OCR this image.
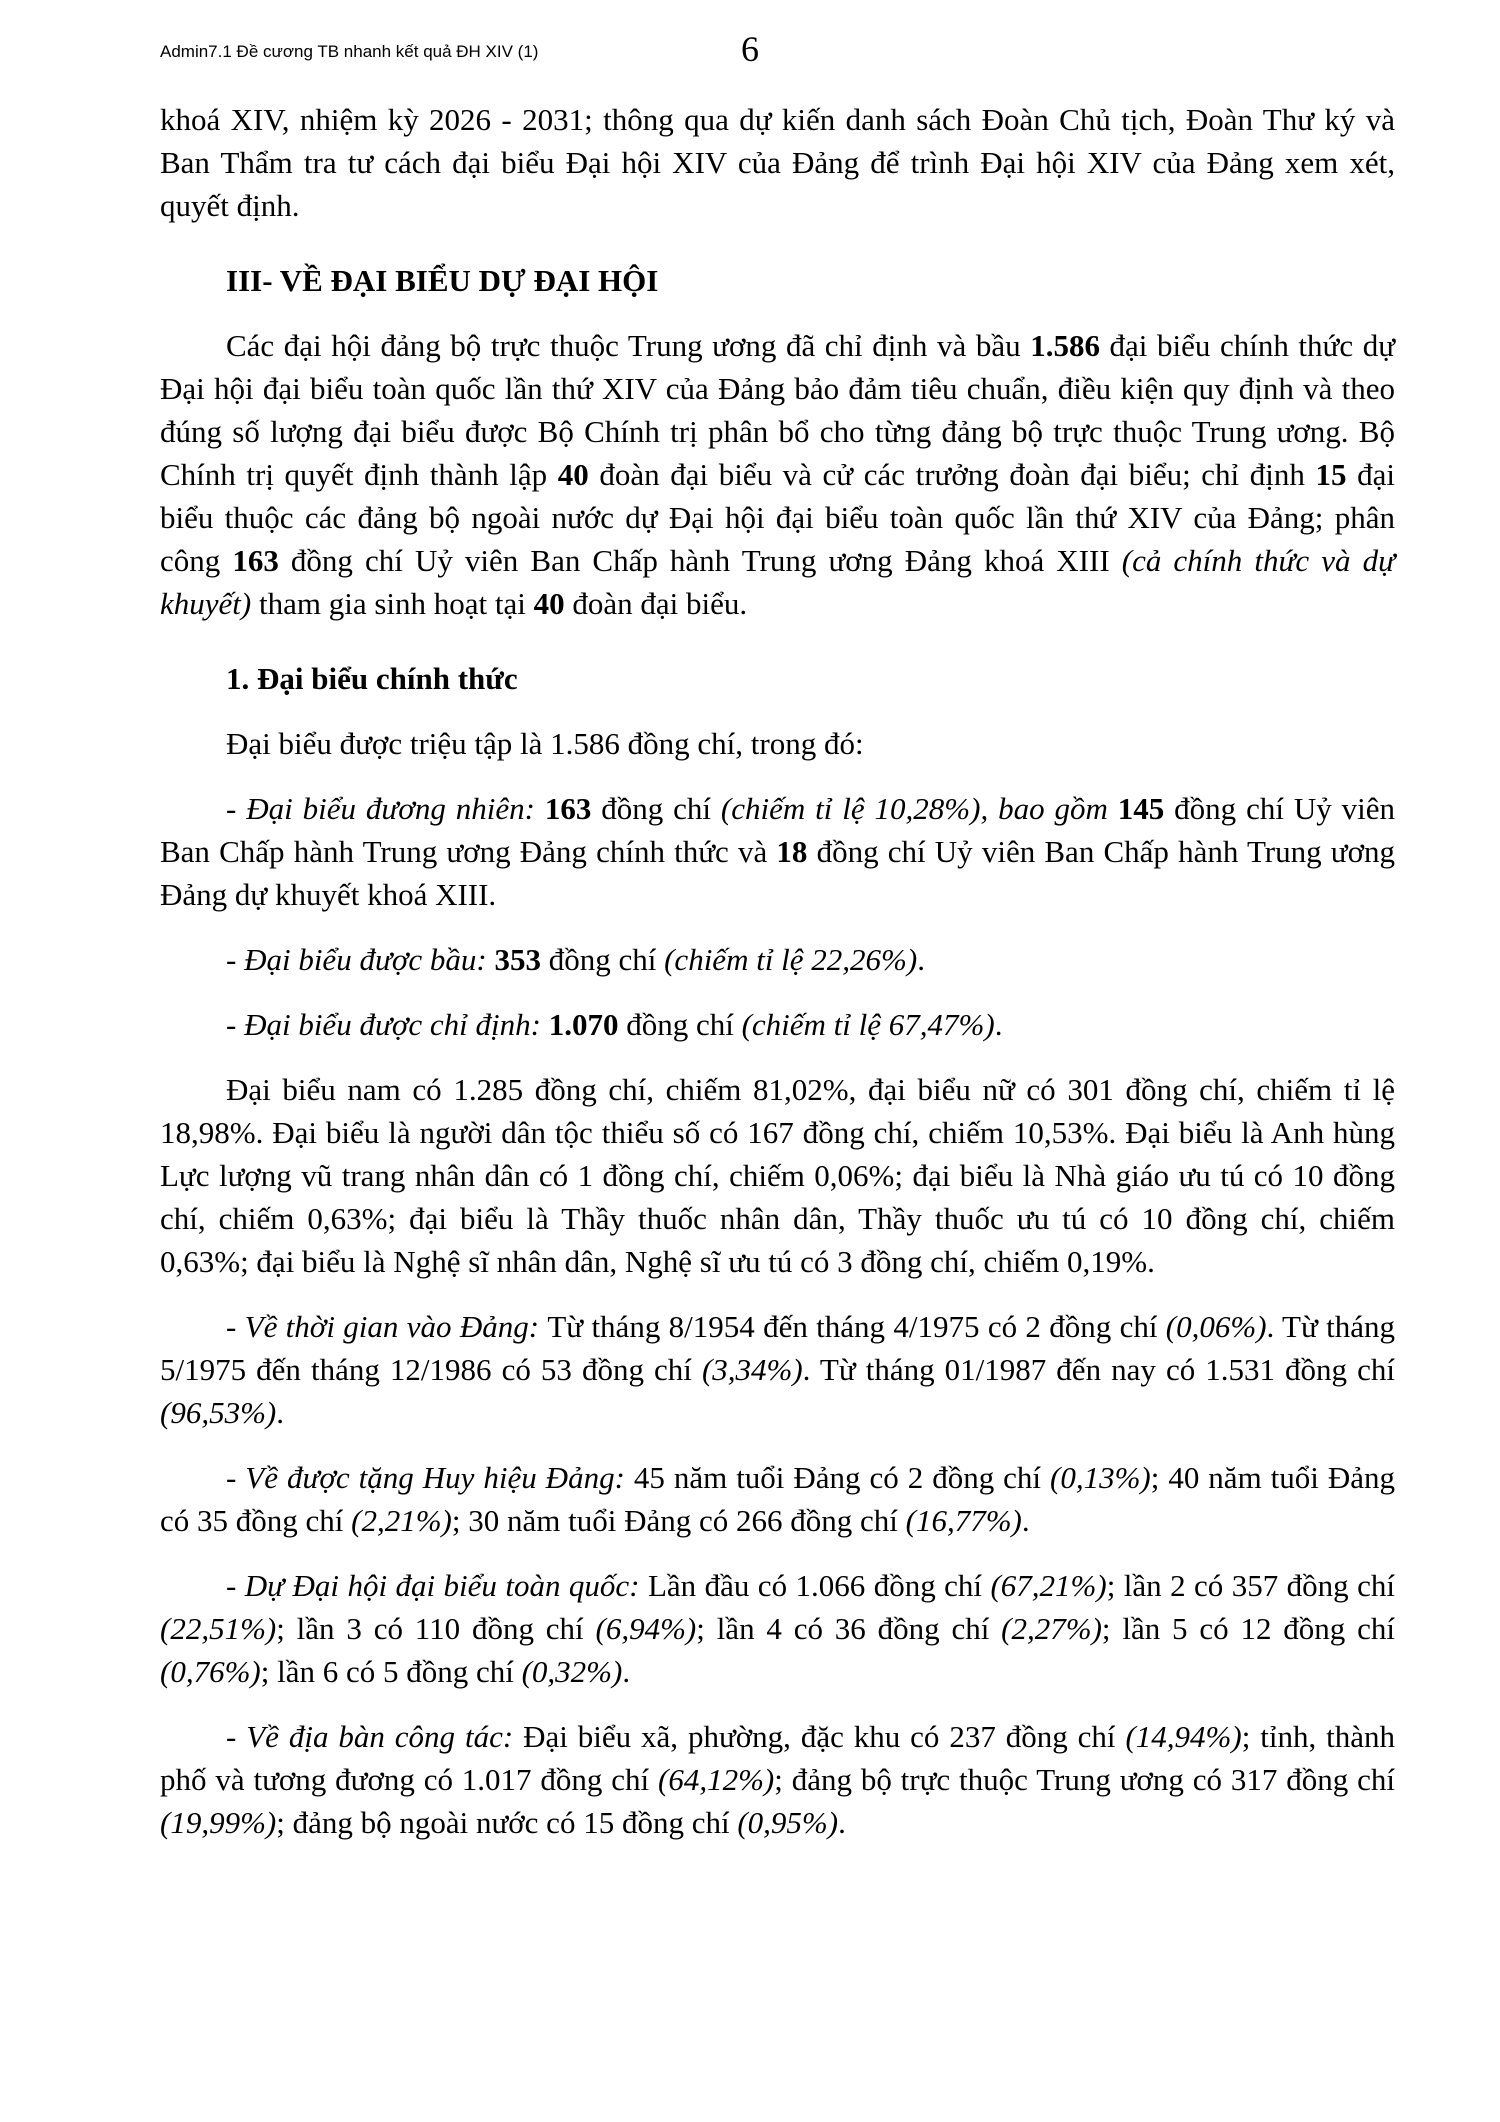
Admin7.1 Đề cương TB nhanh kết quả ĐH XIV (1)	6

khoá XIV, nhiệm kỳ 2026 - 2031; thông qua dự kiến danh sách Đoàn Chủ tịch, Đoàn Thư ký và Ban Thẩm tra tư cách đại biểu Đại hội XIV của Đảng để trình Đại hội XIV của Đảng xem xét, quyết định.

III- VỀ ĐẠI BIỂU DỰ ĐẠI HỘI

Các đại hội đảng bộ trực thuộc Trung ương đã chỉ định và bầu 1.586 đại biểu chính thức dự Đại hội đại biểu toàn quốc lần thứ XIV của Đảng bảo đảm tiêu chuẩn, điều kiện quy định và theo đúng số lượng đại biểu được Bộ Chính trị phân bổ cho từng đảng bộ trực thuộc Trung ương. Bộ Chính trị quyết định thành lập 40 đoàn đại biểu và cử các trưởng đoàn đại biểu; chỉ định 15 đại biểu thuộc các đảng bộ ngoài nước dự Đại hội đại biểu toàn quốc lần thứ XIV của Đảng; phân công 163 đồng chí Uỷ viên Ban Chấp hành Trung ương Đảng khoá XIII (cả chính thức và dự khuyết) tham gia sinh hoạt tại 40 đoàn đại biểu.

1. Đại biểu chính thức

Đại biểu được triệu tập là 1.586 đồng chí, trong đó:

- Đại biểu đương nhiên: 163 đồng chí (chiếm tỉ lệ 10,28%), bao gồm 145 đồng chí Uỷ viên Ban Chấp hành Trung ương Đảng chính thức và 18 đồng chí Uỷ viên Ban Chấp hành Trung ương Đảng dự khuyết khoá XIII.

- Đại biểu được bầu: 353 đồng chí (chiếm tỉ lệ 22,26%).

- Đại biểu được chỉ định: 1.070 đồng chí (chiếm tỉ lệ 67,47%).

Đại biểu nam có 1.285 đồng chí, chiếm 81,02%, đại biểu nữ có 301 đồng chí, chiếm tỉ lệ 18,98%. Đại biểu là người dân tộc thiểu số có 167 đồng chí, chiếm 10,53%. Đại biểu là Anh hùng Lực lượng vũ trang nhân dân có 1 đồng chí, chiếm 0,06%; đại biểu là Nhà giáo ưu tú có 10 đồng chí, chiếm 0,63%; đại biểu là Thầy thuốc nhân dân, Thầy thuốc ưu tú có 10 đồng chí, chiếm 0,63%; đại biểu là Nghệ sĩ nhân dân, Nghệ sĩ ưu tú có 3 đồng chí, chiếm 0,19%.

- Về thời gian vào Đảng: Từ tháng 8/1954 đến tháng 4/1975 có 2 đồng chí (0,06%). Từ tháng 5/1975 đến tháng 12/1986 có 53 đồng chí (3,34%). Từ tháng 01/1987 đến nay có 1.531 đồng chí (96,53%).

- Về được tặng Huy hiệu Đảng: 45 năm tuổi Đảng có 2 đồng chí (0,13%); 40 năm tuổi Đảng có 35 đồng chí (2,21%); 30 năm tuổi Đảng có 266 đồng chí (16,77%).

- Dự Đại hội đại biểu toàn quốc: Lần đầu có 1.066 đồng chí (67,21%); lần 2 có 357 đồng chí (22,51%); lần 3 có 110 đồng chí (6,94%); lần 4 có 36 đồng chí (2,27%); lần 5 có 12 đồng chí (0,76%); lần 6 có 5 đồng chí (0,32%).

- Về địa bàn công tác: Đại biểu xã, phường, đặc khu có 237 đồng chí (14,94%); tỉnh, thành phố và tương đương có 1.017 đồng chí (64,12%); đảng bộ trực thuộc Trung ương có 317 đồng chí (19,99%); đảng bộ ngoài nước có 15 đồng chí (0,95%).
